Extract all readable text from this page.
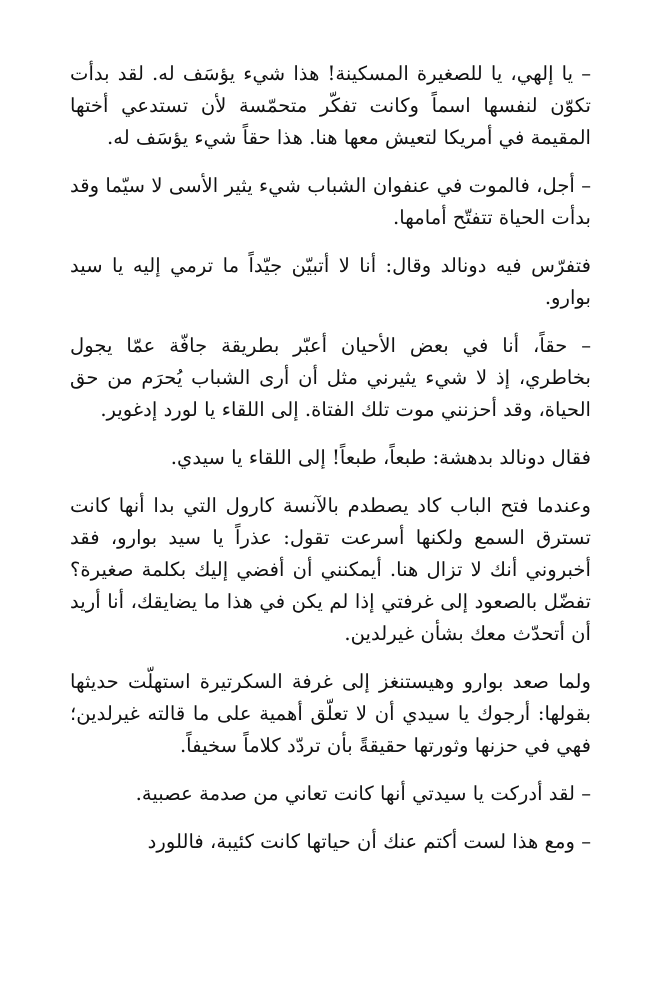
– يا إلهي، يا للصغيرة المسكينة! هذا شيء يؤسَف له. لقد بدأت تكوّن لنفسها اسماً وكانت تفكّر متحمّسة لأن تستدعي أختها المقيمة في أمريكا لتعيش معها هنا. هذا حقاً شيء يؤسَف له.

– أجل، فالموت في عنفوان الشباب شيء يثير الأسى لا سيّما وقد بدأت الحياة تتفتّح أمامها.

فتفرّس فيه دونالد وقال: أنا لا أتبيّن جيّداً ما ترمي إليه يا سيد بوارو.

– حقاً، أنا في بعض الأحيان أعبّر بطريقة جافّة عمّا يجول بخاطري، إذ لا شيء يثيرني مثل أن أرى الشباب يُحرَم من حق الحياة، وقد أحزنني موت تلك الفتاة. إلى اللقاء يا لورد إدغوير.

فقال دونالد بدهشة: طبعاً، طبعاً! إلى اللقاء يا سيدي.

وعندما فتح الباب كاد يصطدم بالآنسة كارول التي بدا أنها كانت تسترق السمع ولكنها أسرعت تقول: عذراً يا سيد بوارو، فقد أخبروني أنك لا تزال هنا. أيمكنني أن أفضي إليك بكلمة صغيرة؟ تفضّل بالصعود إلى غرفتي إذا لم يكن في هذا ما يضايقك، أنا أريد أن أتحدّث معك بشأن غيرلدين.

ولما صعد بوارو وهيستنغز إلى غرفة السكرتيرة استهلّت حديثها بقولها: أرجوك يا سيدي أن لا تعلّق أهمية على ما قالته غيرلدين؛ فهي في حزنها وثورتها حقيقةً بأن تردّد كلاماً سخيفاً.

– لقد أدركت يا سيدتي أنها كانت تعاني من صدمة عصبية.

– ومع هذا لست أكتم عنك أن حياتها كانت كئيبة، فاللورد
